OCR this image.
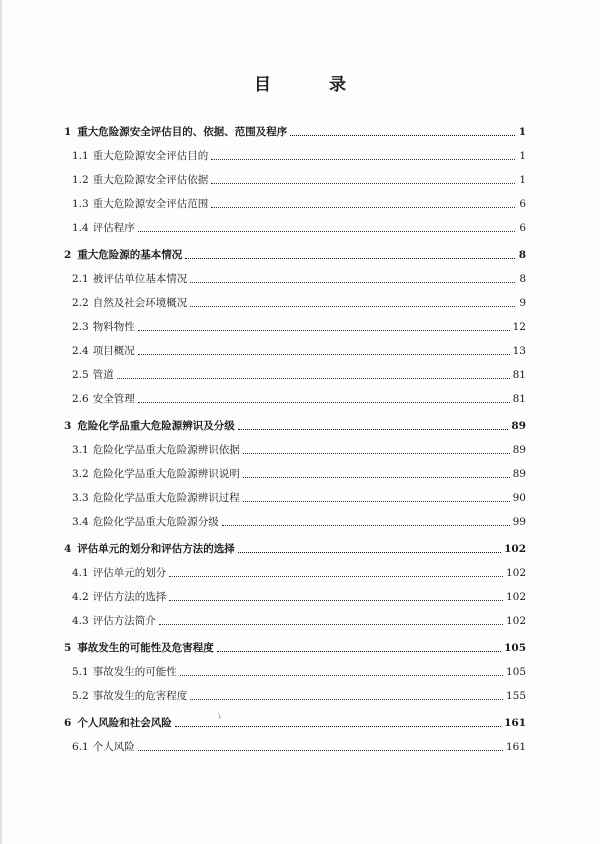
目 录
1 重大危险源安全评估目的、依据、范围及程序	1
1.1 重大危险源安全评估目的	1
1.2 重大危险源安全评估依据	1
1.3 重大危险源安全评估范围	6
1.4 评估程序	6
2 重大危险源的基本情况	8
2.1 被评估单位基本情况	8
2.2 自然及社会环境概况	9
2.3 物料物性	12
2.4 项目概况	13
2.5 管道	81
2.6 安全管理	81
3 危险化学品重大危险源辨识及分级	89
3.1 危险化学品重大危险源辨识依据	89
3.2 危险化学品重大危险源辨识说明	89
3.3 危险化学品重大危险源辨识过程	90
3.4 危险化学品重大危险源分级	99
4 评估单元的划分和评估方法的选择	102
4.1 评估单元的划分	102
4.2 评估方法的选择	102
4.3 评估方法简介	102
5 事故发生的可能性及危害程度	105
5.1 事故发生的可能性	105
5.2 事故发生的危害程度	155
6 个人风险和社会风险	161
6.1 个人风险	161
↘
